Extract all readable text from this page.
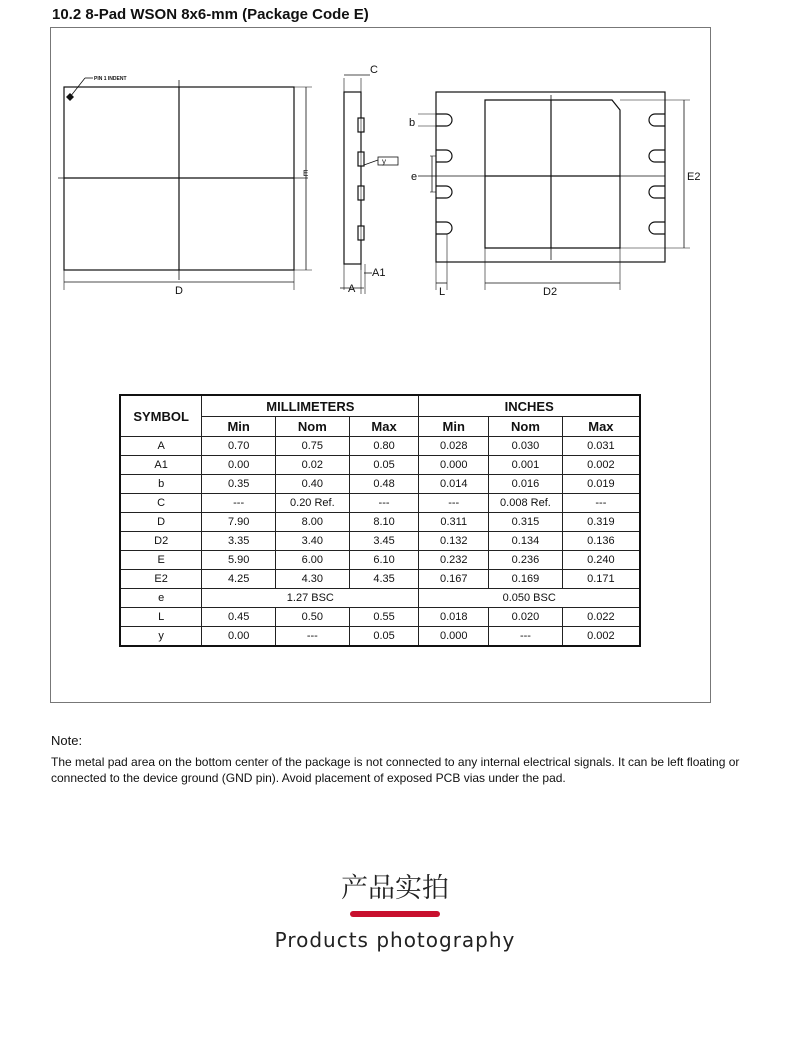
10.2 8-Pad WSON 8x6-mm (Package Code E)
PIN 1 INDENT
D
E
C
A
A1
y
b
e
L	D2
E2
SYMBOL	MILLIMETERS			INCHES		
	Min	Nom	Max	Min	Nom	Max
A	0.70	0.75	0.80	0.028	0.030	0.031
A1	0.00	0.02	0.05	0.000	0.001	0.002
b	0.35	0.40	0.48	0.014	0.016	0.019
C	---	0.20 Ref.	---	---	0.008 Ref.	---
D	7.90	8.00	8.10	0.311	0.315	0.319
D2	3.35	3.40	3.45	0.132	0.134	0.136
E	5.90	6.00	6.10	0.232	0.236	0.240
E2	4.25	4.30	4.35	0.167	0.169	0.171
e	1.27 BSC			0.050 BSC		
L	0.45	0.50	0.55	0.018	0.020	0.022
y	0.00	---	0.05	0.000	---	0.002
Note:
The metal pad area on the bottom center of the package is not connected to any internal electrical signals. It can be left floating or connected to the device ground (GND pin). Avoid placement of exposed PCB vias under the pad.
产品实拍
Products photography
